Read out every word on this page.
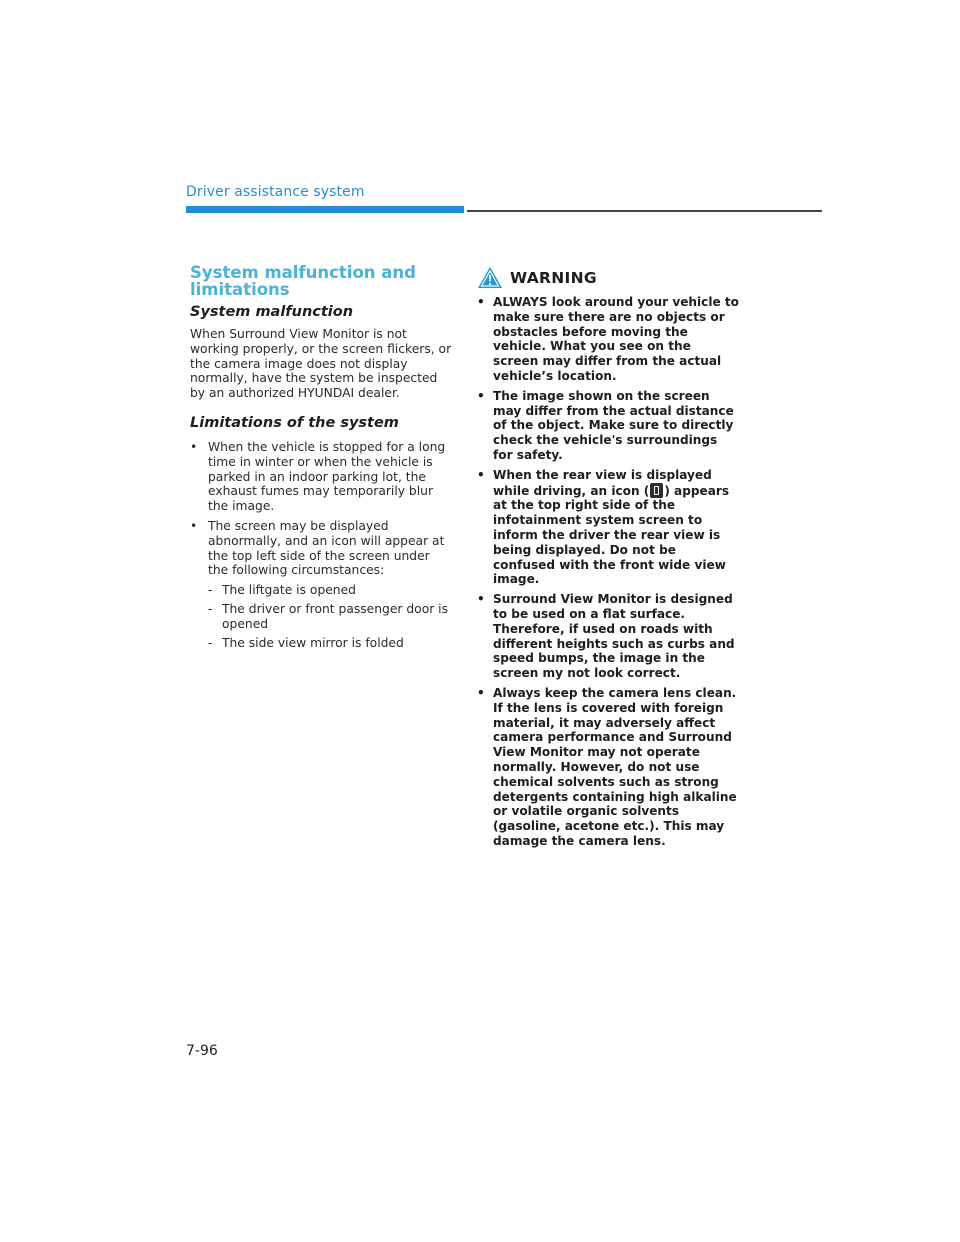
Driver assistance system
System malfunction and limitations
System malfunction

When Surround View Monitor is not working properly, or the screen flickers, or the camera image does not display normally, have the system be inspected by an authorized HYUNDAI dealer.

Limitations of the system
• When the vehicle is stopped for a long time in winter or when the vehicle is parked in an indoor parking lot, the exhaust fumes may temporarily blur the image.
• The screen may be displayed abnormally, and an icon will appear at the top left side of the screen under the following circumstances:
- The liftgate is opened
- The driver or front passenger door is opened
- The side view mirror is folded
WARNING
• ALWAYS look around your vehicle to make sure there are no objects or obstacles before moving the vehicle. What you see on the screen may differ from the actual vehicle’s location.
• The image shown on the screen may differ from the actual distance of the object. Make sure to directly check the vehicle's surroundings for safety.
• When the rear view is displayed while driving, an icon ( ) appears at the top right side of the infotainment system screen to inform the driver the rear view is being displayed. Do not be confused with the front wide view image.
• Surround View Monitor is designed to be used on a flat surface. Therefore, if used on roads with different heights such as curbs and speed bumps, the image in the screen my not look correct.
• Always keep the camera lens clean. If the lens is covered with foreign material, it may adversely affect camera performance and Surround View Monitor may not operate normally. However, do not use chemical solvents such as strong detergents containing high alkaline or volatile organic solvents (gasoline, acetone etc.). This may damage the camera lens.
7-96
